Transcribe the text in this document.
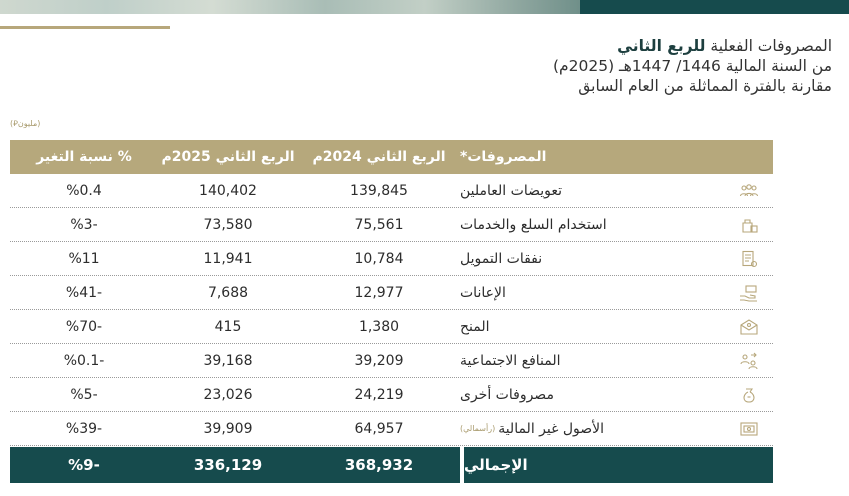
المصروفات الفعلية للربع الثاني
من السنة المالية 1446/ 1447هـ (2025م)
مقارنة بالفترة المماثلة من العام السابق
(مليون⃁)
نسبة التغير %	الربع الثاني 2025م	الربع الثاني 2024م	المصروفات*
%0.4	140,402	139,845	تعويضات العاملين
%3-	73,580	75,561	استخدام السلع والخدمات
%11	11,941	10,784	نفقات التمويل
%41-	7,688	12,977	الإعانات
%70-	415	1,380	المنح
%0.1-	39,168	39,209	المنافع الاجتماعية
%5-	23,026	24,219	مصروفات أخرى
%39-	39,909	64,957	الأصول غير المالية
(رأسمالي)
%9-	336,129	368,932	الإجمالي
